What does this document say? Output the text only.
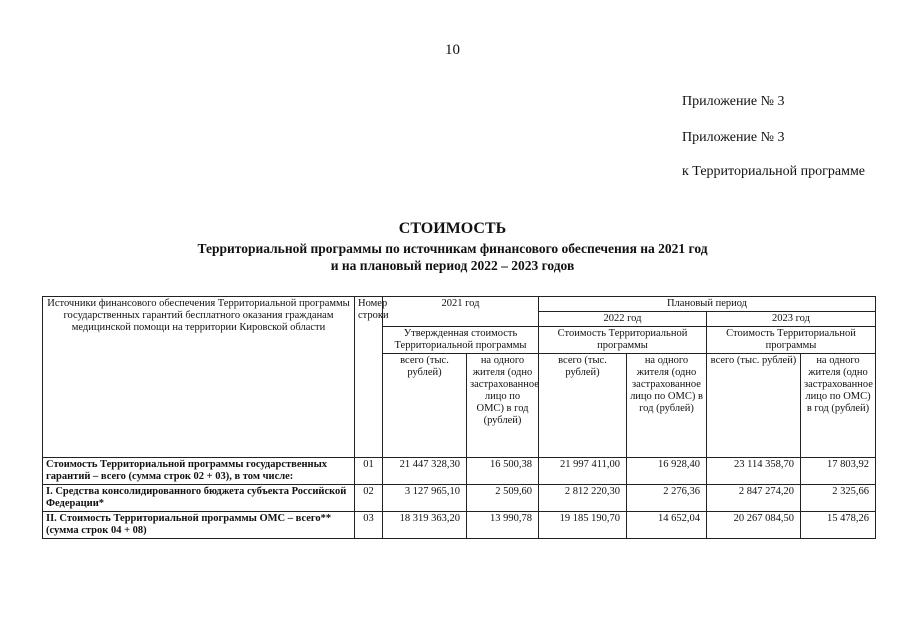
10
Приложение № 3
Приложение № 3
к Территориальной программе
СТОИМОСТЬ
Территориальной программы по источникам финансового обеспечения на 2021 год
и на плановый период 2022 – 2023 годов
Источники финансового обеспечения Территориальной программы государственных гарантий бесплатного оказания гражданам медицинской помощи на территории Кировской области	Номер строки	2021 год		Плановый период			
				2022 год		2023 год	
		Утвержденная стоимость Территориальной программы		Стоимость Территориальной программы		Стоимость Территориальной программы	
		всего (тыс. рублей)	на одного жителя (одно застрахованное лицо по ОМС) в год (рублей)	всего (тыс. рублей)	на одного жителя (одно застрахованное лицо по ОМС) в год (рублей)	всего (тыс. рублей)	на одного жителя (одно застрахованное лицо по ОМС) в год (рублей)
Стоимость Территориальной программы государственных гарантий – всего (сумма строк 02 + 03), в том числе:	01	21 447 328,30	16 500,38	21 997 411,00	16 928,40	23 114 358,70	17 803,92
I. Средства консолидированного бюджета субъекта Российской Федерации*	02	3 127 965,10	2 509,60	2 812 220,30	2 276,36	2 847 274,20	2 325,66
II. Стоимость Территориальной программы ОМС – всего** (сумма строк 04 + 08)	03	18 319 363,20	13 990,78	19 185 190,70	14 652,04	20 267 084,50	15 478,26
